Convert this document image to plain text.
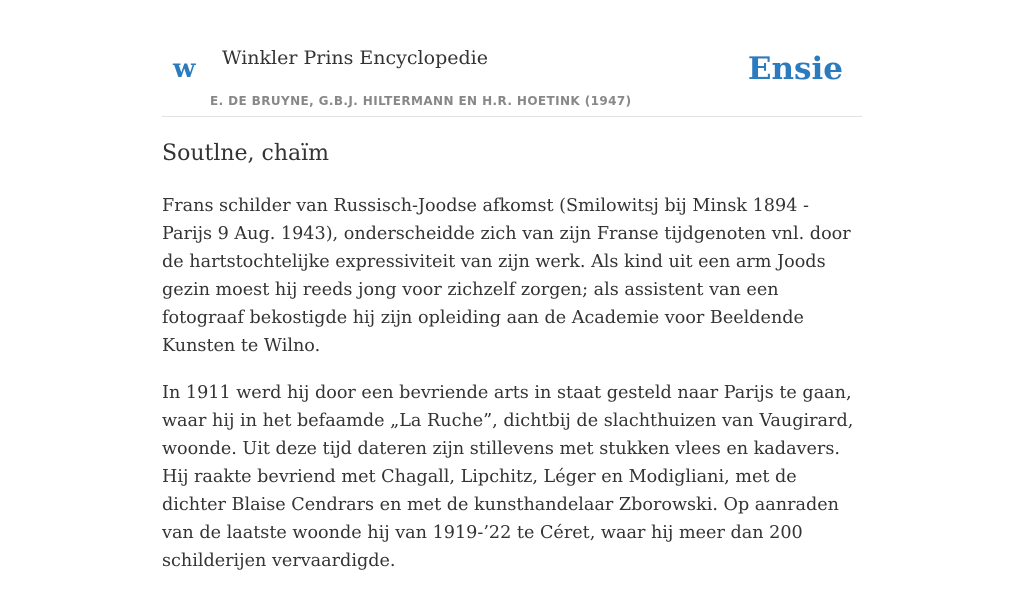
w Winkler Prins Encyclopedie
E. DE BRUYNE, G.B.J. HILTERMANN EN H.R. HOETINK (1947)
Ensie
Soutlne, chaïm

Frans schilder van Russisch-Joodse afkomst (Smilowitsj bij Minsk 1894 - Parijs 9 Aug. 1943), onderscheidde zich van zijn Franse tijdgenoten vnl. door de hartstochtelijke expressiviteit van zijn werk. Als kind uit een arm Joods gezin moest hij reeds jong voor zichzelf zorgen; als assistent van een fotograaf bekostigde hij zijn opleiding aan de Academie voor Beeldende Kunsten te Wilno.

In 1911 werd hij door een bevriende arts in staat gesteld naar Parijs te gaan, waar hij in het befaamde „La Ruche”, dichtbij de slachthuizen van Vaugirard, woonde. Uit deze tijd dateren zijn stillevens met stukken vlees en kadavers. Hij raakte bevriend met Chagall, Lipchitz, Léger en Modigliani, met de dichter Blaise Cendrars en met de kunsthandelaar Zborowski. Op aanraden van de laatste woonde hij van 1919-’22 te Céret, waar hij meer dan 200 schilderijen vervaardigde.
